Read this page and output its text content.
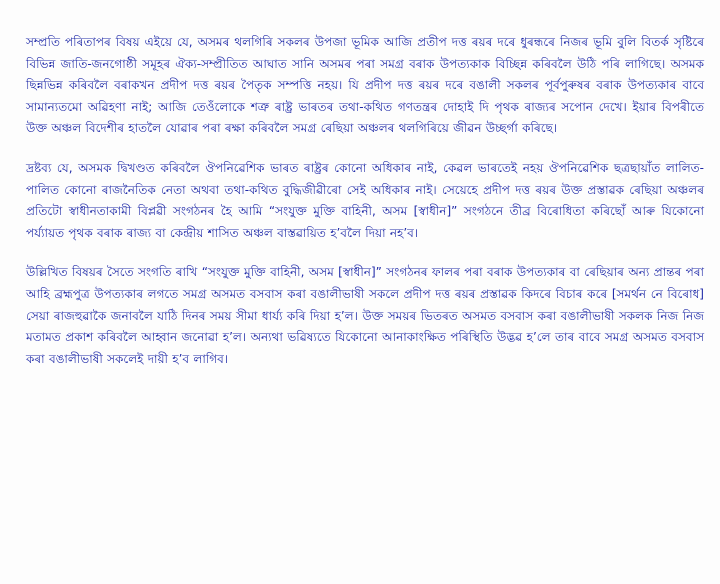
সম্প্ৰতি পৰিতাপৰ বিষয় এইয়ে যে, অসমৰ থলগিৰি সকলৰ উপজা ভূমিক আজি প্ৰতীপ দত্ত ৰয়ৰ দৰে ধুৰন্ধৰে নিজৰ ভূমি বুলি বিতৰ্ক সৃষ্টিৰে বিভিন্ন জাতি-জনগোষ্ঠী সমূহৰ ঐক্য-সম্প্ৰীতিত আঘাত সানি অসমৰ পৰা সমগ্ৰ বৰাক উপত্যকাক বিচ্ছিন্ন কৰিবলৈ উঠি পৰি লাগিছে। অসমক ছিন্নভিন্ন কৰিবলৈ বৰাকখন প্ৰদীপ দত্ত ৰয়ৰ পৈতৃক সম্পত্তি নহয়। যি প্ৰদীপ দত্ত ৰয়ৰ দৰে বঙালী সকলৰ পূৰ্বপুৰুষৰ বৰাক উপত্যকাৰ বাবে সামান্যতমো অৱিহণা নাই; আজি তেওঁলোকে শত্ৰু ৰাষ্ট্ৰ ভাৰতৰ তথা-কথিত গণতন্ত্ৰৰ দোহাই দি পৃথক ৰাজ্যৰ সপোন দেখে। ইয়াৰ বিপৰীতে উক্ত অঞ্চল বিদেশীৰ হাতলৈ যোৱাৰ পৰা ৰক্ষা কৰিবলৈ সমগ্ৰ ৰেছিয়া অঞ্চলৰ থলগিৰিয়ে জীৱন উচ্ছৰ্গা কৰিছে।

দ্ৰষ্টব্য যে, অসমক দ্বিখণ্ডত কৰিবলৈ ঔপনিৱেশিক ভাৰত ৰাষ্ট্ৰৰ কোনো অধিকাৰ নাই, কেৱল ভাৰতেই নহয় ঔপনিৱেশিক ছত্ৰছায়াঁত লালিত-পালিত কোনো ৰাজনৈতিক নেতা অথবা তথা-কথিত বুদ্ধিজীৱীৰো সেই অধিকাৰ নাই। সেয়েহে প্ৰদীপ দত্ত ৰয়ৰ উক্ত প্ৰস্তাৱক ৰেছিয়া অঞ্চলৰ প্ৰতিটো স্বাধীনতাকামী বিপ্লৱী সংগঠনৰ হৈ আমি “সংযুক্ত মুক্তি বাহিনী, অসম [স্বাধীন]” সংগঠনে তীব্ৰ বিৰোধিতা কৰিছোঁ আৰু যিকোনো পৰ্য্যায়ত পৃথক বৰাক ৰাজ্য বা কেন্দ্ৰীয় শাসিত অঞ্চল বাস্তৱায়িত হ’বলৈ দিয়া নহ’ব।

উল্লিখিত বিষয়ৰ সৈতে সংগতি ৰাখি “সংযুক্ত মুক্তি বাহিনী, অসম [স্বাধীন]” সংগঠনৰ ফালৰ পৰা বৰাক উপত্যকাৰ বা ৰেছিয়াৰ অন্য প্ৰান্তৰ পৰা আহি ব্ৰহ্মপুত্ৰ উপত্যকাৰ লগতে সমগ্ৰ অসমত বসবাস কৰা বঙালীভাষী সকলে প্ৰদীপ দত্ত ৰয়ৰ প্ৰস্তাৱক কিদৰে বিচাৰ কৰে [সমৰ্থন নে বিৰোধ] সেয়া ৰাজহুৱাকৈ জনাবলৈ যাঠি দিনৰ সময় সীমা ধাৰ্য্য কৰি দিয়া হ’ল। উক্ত সময়ৰ ভিতৰত অসমত বসবাস কৰা বঙালীভাষী সকলক নিজ নিজ মতামত প্ৰকাশ কৰিবলৈ আহ্বান জনোৱা হ’ল। অন্যথা ভৱিষ্যতে যিকোনো আনাকাংক্ষিত পৰিস্থিতি উদ্ভৱ হ’লে তাৰ বাবে সমগ্ৰ অসমত বসবাস কৰা বঙালীভাষী সকলেই দায়ী হ’ব লাগিব।
